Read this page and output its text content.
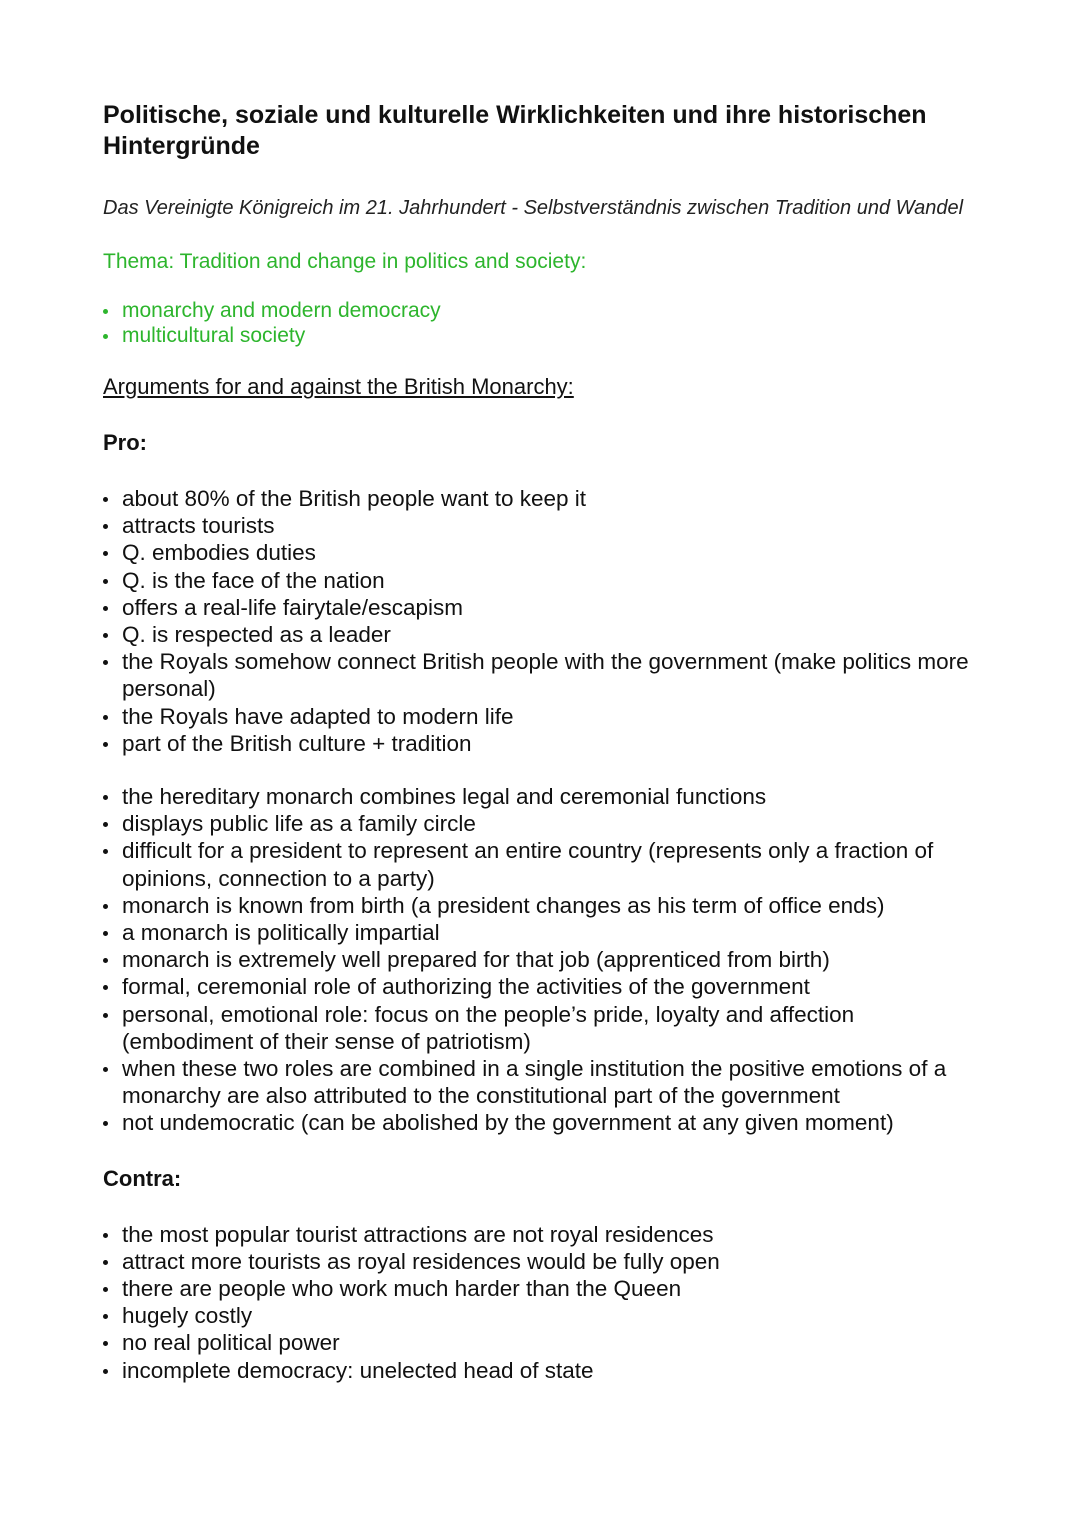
Politische, soziale und kulturelle Wirklichkeiten und ihre historischen Hintergründe
Das Vereinigte Königreich im 21. Jahrhundert - Selbstverständnis zwischen Tradition und Wandel
Thema: Tradition and change in politics and society:
monarchy and modern democracy
multicultural society
Arguments for and against the British Monarchy:
Pro:
about 80% of the British people want to keep it
attracts tourists
Q. embodies duties
Q. is the face of the nation
offers a real-life fairytale/escapism
Q. is respected as a leader
the Royals somehow connect British people with the government (make politics more personal)
the Royals have adapted to modern life
part of the British culture + tradition
the hereditary monarch combines legal and ceremonial functions
displays public life as a family circle
difficult for a president to represent an entire country (represents only a fraction of opinions, connection to a party)
monarch is known from birth (a president changes as his term of office ends)
a monarch is politically impartial
monarch is extremely well prepared for that job (apprenticed from birth)
formal, ceremonial role of authorizing the activities of the government
personal, emotional role: focus on the people’s pride, loyalty and affection (embodiment of their sense of patriotism)
when these two roles are combined in a single institution the positive emotions of a monarchy are also attributed to the constitutional part of the government
not undemocratic (can be abolished by the government at any given moment)
Contra:
the most popular tourist attractions are not royal residences
attract more tourists as royal residences would be fully open
there are people who work much harder than the Queen
hugely costly
no real political power
incomplete democracy: unelected head of state
